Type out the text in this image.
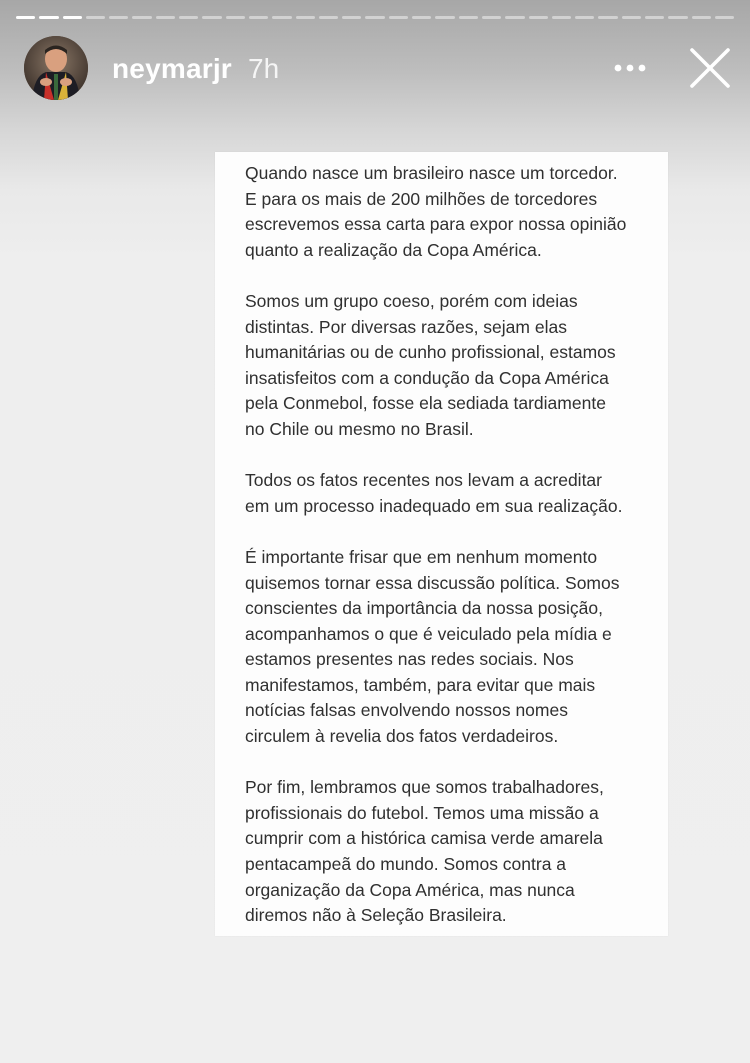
neymarjr 7h
Quando nasce um brasileiro nasce um torcedor.
E para os mais de 200 milhões de torcedores
escrevemos essa carta para expor nossa opinião
quanto a realização da Copa América.
Somos um grupo coeso, porém com ideias
distintas. Por diversas razões, sejam elas
humanitárias ou de cunho profissional, estamos
insatisfeitos com a condução da Copa América
pela Conmebol, fosse ela sediada tardiamente
no Chile ou mesmo no Brasil.
Todos os fatos recentes nos levam a acreditar
em um processo inadequado em sua realização.
É importante frisar que em nenhum momento
quisemos tornar essa discussão política. Somos
conscientes da importância da nossa posição,
acompanhamos o que é veiculado pela mídia e
estamos presentes nas redes sociais. Nos
manifestamos, também, para evitar que mais
notícias falsas envolvendo nossos nomes
circulem à revelia dos fatos verdadeiros.
Por fim, lembramos que somos trabalhadores,
profissionais do futebol. Temos uma missão a
cumprir com a histórica camisa verde amarela
pentacampeã do mundo. Somos contra a
organização da Copa América, mas nunca
diremos não à Seleção Brasileira.
